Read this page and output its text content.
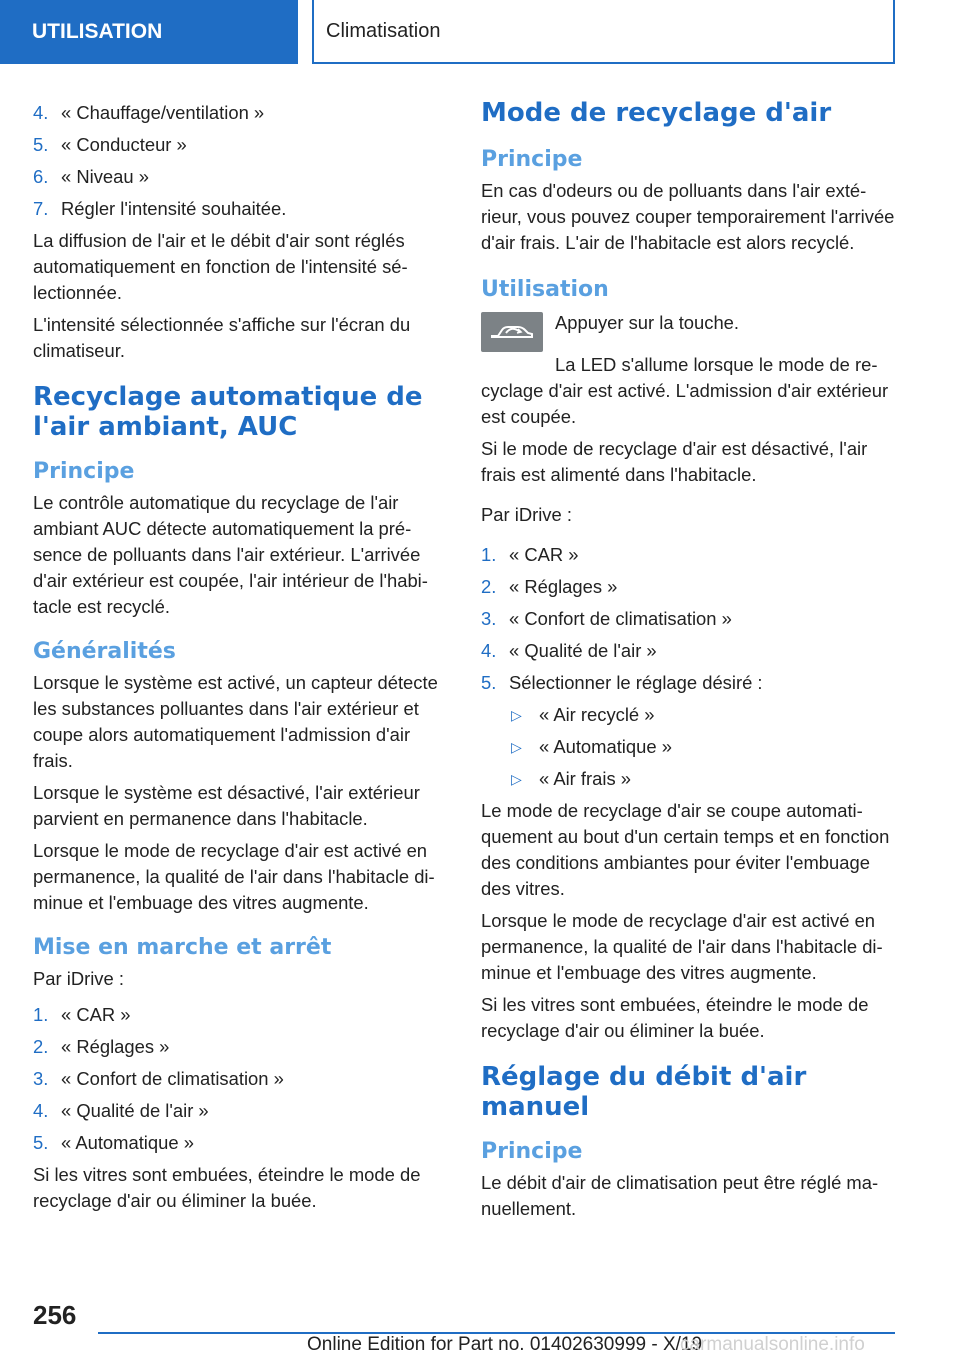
UTILISATION	Climatisation
4. « Chauffage/ventilation »
5. « Conducteur »
6. « Niveau »
7. Régler l'intensité souhaitée.

La diffusion de l'air et le débit d'air sont réglés automatiquement en fonction de l'intensité sélectionnée.

L'intensité sélectionnée s'affiche sur l'écran du climatiseur.

Recyclage automatique de l'air ambiant, AUC
Principe

Le contrôle automatique du recyclage de l'air ambiant AUC détecte automatiquement la présence de polluants dans l'air extérieur. L'arrivée d'air extérieur est coupée, l'air intérieur de l'habitacle est recyclé.

Généralités

Lorsque le système est activé, un capteur détecte les substances polluantes dans l'air extérieur et coupe alors automatiquement l'admission d'air frais.

Lorsque le système est désactivé, l'air extérieur parvient en permanence dans l'habitacle.

Lorsque le mode de recyclage d'air est activé en permanence, la qualité de l'air dans l'habitacle diminue et l'embuage des vitres augmente.

Mise en marche et arrêt

Par iDrive :

1. « CAR »
2. « Réglages »
3. « Confort de climatisation »
4. « Qualité de l'air »
5. « Automatique »

Si les vitres sont embuées, éteindre le mode de recyclage d'air ou éliminer la buée.

Mode de recyclage d'air
Principe

En cas d'odeurs ou de polluants dans l'air extérieur, vous pouvez couper temporairement l'arrivée d'air frais. L'air de l'habitacle est alors recyclé.

Utilisation

Appuyer sur la touche.

La LED s'allume lorsque le mode de recyclage d'air est activé. L'admission d'air extérieur est coupée.

Si le mode de recyclage d'air est désactivé, l'air frais est alimenté dans l'habitacle.

Par iDrive :

1. « CAR »
2. « Réglages »
3. « Confort de climatisation »
4. « Qualité de l'air »
5. Sélectionner le réglage désiré :
▷ « Air recyclé »
▷ « Automatique »
▷ « Air frais »

Le mode de recyclage d'air se coupe automatiquement au bout d'un certain temps et en fonction des conditions ambiantes pour éviter l'embuage des vitres.

Lorsque le mode de recyclage d'air est activé en permanence, la qualité de l'air dans l'habitacle diminue et l'embuage des vitres augmente.

Si les vitres sont embuées, éteindre le mode de recyclage d'air ou éliminer la buée.

Réglage du débit d'air manuel
Principe

Le débit d'air de climatisation peut être réglé manuellement.

256
Online Edition for Part no. 01402630999 - X/19
carmanualsonline.info
